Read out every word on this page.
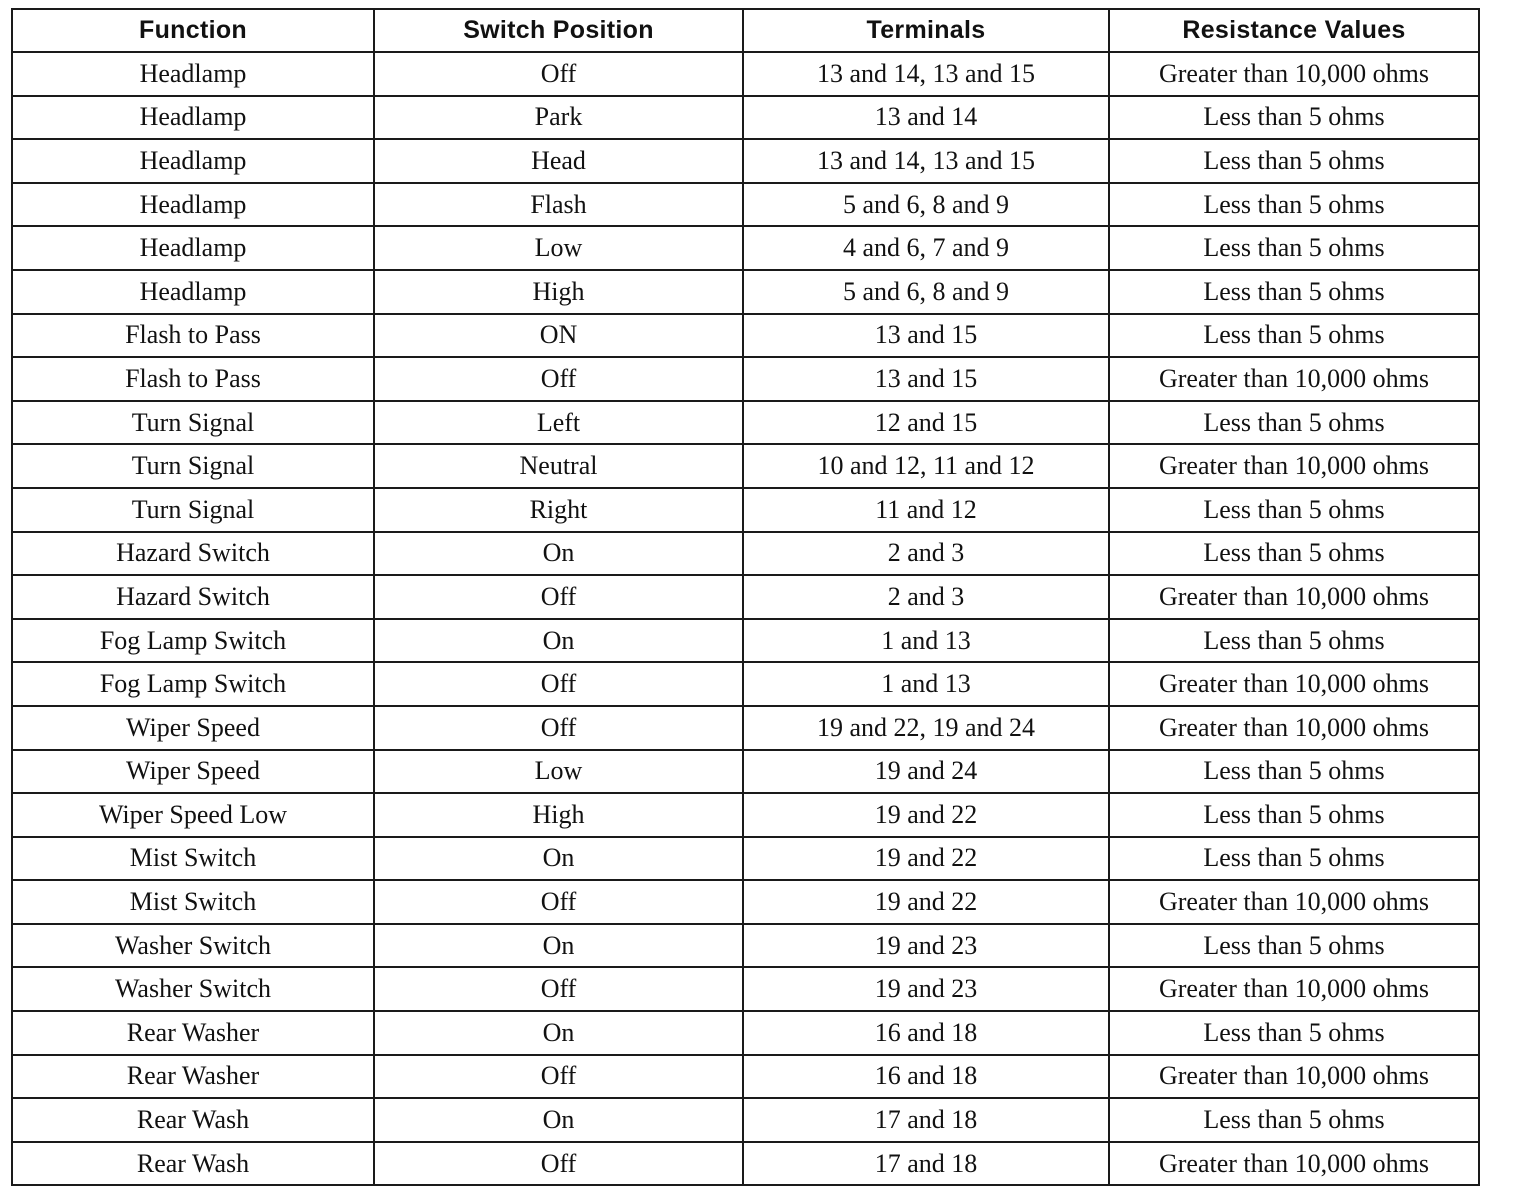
Function	Switch Position	Terminals	Resistance Values
Headlamp	Off	13 and 14, 13 and 15	Greater than 10,000 ohms
Headlamp	Park	13 and 14	Less than 5 ohms
Headlamp	Head	13 and 14, 13 and 15	Less than 5 ohms
Headlamp	Flash	5 and 6, 8 and 9	Less than 5 ohms
Headlamp	Low	4 and 6, 7 and 9	Less than 5 ohms
Headlamp	High	5 and 6, 8 and 9	Less than 5 ohms
Flash to Pass	ON	13 and 15	Less than 5 ohms
Flash to Pass	Off	13 and 15	Greater than 10,000 ohms
Turn Signal	Left	12 and 15	Less than 5 ohms
Turn Signal	Neutral	10 and 12, 11 and 12	Greater than 10,000 ohms
Turn Signal	Right	11 and 12	Less than 5 ohms
Hazard Switch	On	2 and 3	Less than 5 ohms
Hazard Switch	Off	2 and 3	Greater than 10,000 ohms
Fog Lamp Switch	On	1 and 13	Less than 5 ohms
Fog Lamp Switch	Off	1 and 13	Greater than 10,000 ohms
Wiper Speed	Off	19 and 22, 19 and 24	Greater than 10,000 ohms
Wiper Speed	Low	19 and 24	Less than 5 ohms
Wiper Speed Low	High	19 and 22	Less than 5 ohms
Mist Switch	On	19 and 22	Less than 5 ohms
Mist Switch	Off	19 and 22	Greater than 10,000 ohms
Washer Switch	On	19 and 23	Less than 5 ohms
Washer Switch	Off	19 and 23	Greater than 10,000 ohms
Rear Washer	On	16 and 18	Less than 5 ohms
Rear Washer	Off	16 and 18	Greater than 10,000 ohms
Rear Wash	On	17 and 18	Less than 5 ohms
Rear Wash	Off	17 and 18	Greater than 10,000 ohms
